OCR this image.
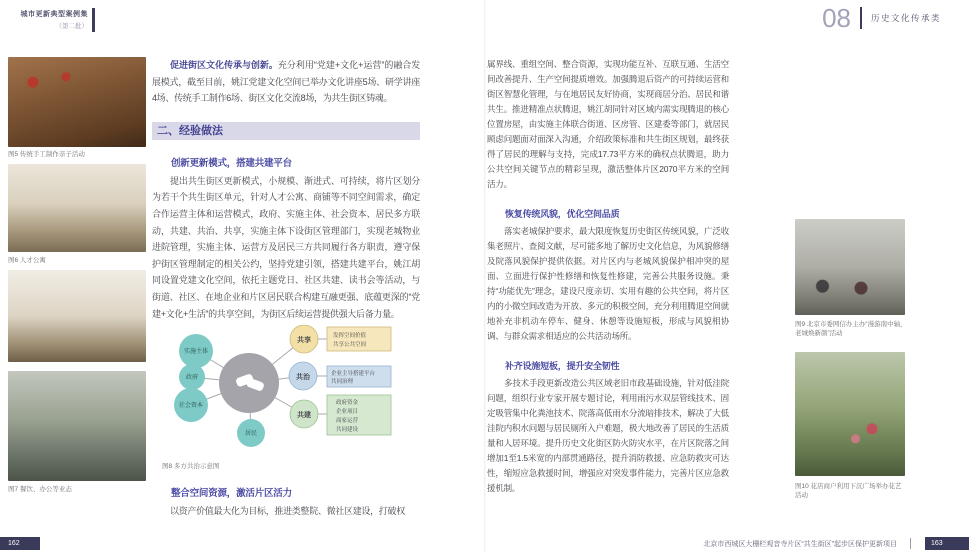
城市更新典型案例集
（第二批）	08 历史文化传承类
图5 传统手工制作亲子活动
图6 人才公寓
图7 餐饮、办公等业态

促进街区文化传承与创新。充分利用“党建+文化+运营”的融合发展模式，截至目前，姚江党建文化空间已举办文化讲座5场、研学讲座4场、传统手工制作6场、街区文化交流8场，为共生街区铸魂。

二、经验做法
创新更新模式，搭建共建平台

提出共生街区更新模式，小规模、渐进式、可持续，将片区划分为若干个共生街区单元，针对人才公寓、商铺等不同空间需求，确定合作运营主体和运营模式，政府、实施主体、社会资本、居民多方联动，共建、共治、共享，实施主体下设街区管理部门，实现老城物业进院管理，实施主体、运营方及居民三方共同履行各方职责，遵守保护街区管理制定的相关公约，坚持党建引领，搭建共建平台，姚江胡同设置党建文化空间，依托主题党日、社区共建、读书会等活动，与街道、社区、在地企业和片区居民联合构建互融更强、底蕴更深的“党建+文化+生活”的共享空间，为街区后续运营提供强大后备力量。

实施主体
政府
社会资本
居民
共享
共治
共建
发挥空间价值
共享公共空间
企业主导搭建平台
共同治理
政府资金
企业项目
商家运营
共同建设
图8 多方共治示意图
整合空间资源，激活片区活力

以资产价值最大化为目标，推进类整院、微社区建设，打破权

属界线、重组空间、整合资源，实现功能互补、互联互通、生活空间改善提升、生产空间提质增效。加强腾退后资产的可持续运营和街区智慧化管理，与在地居民友好协商，实现商居分治、居民和谐共生。推进精准点状腾退，姚江胡同针对区域内需实现腾退的核心位置房屋，由实施主体联合街道、区房管、区建委等部门，就居民顾虑问题面对面深入沟通，介绍政策标准和共生街区规划，最终获得了居民的理解与支持，完成17.73平方米的确权点状腾退，助力公共空间关键节点的精彩呈现，激活整体片区2070平方米的空间活力。

恢复传统风貌，优化空间品质

落实老城保护要求，最大限度恢复历史街区传统风貌，广泛收集老照片、查阅文献，尽可能多地了解历史文化信息，为风貌修缮及院落风貌保护提供依据。对片区内与老城风貌保护相冲突的屋面、立面进行保护性修缮和恢复性修建，完善公共服务设施。秉持“功能优先”理念，建设尺度亲切、实用有趣的公共空间，将片区内的小微空间改造为开放、多元的积极空间，充分利用腾退空间就地补充非机动车停车、健身、休憩等设施短板，形成与风貌相协调、与群众需求相适应的公共活动场所。

补齐设施短板，提升安全韧性

多技术手段更新改造公共区域老旧市政基础设施，针对低洼院问题，组织行业专家开展专题讨论，利用雨污水双层管线技术、固定吸管集中化粪池技术、院落高低雨水分流暗排技术，解决了大低洼院内积水问题与居民厕所入户难题，极大地改善了居民的生活质量和人居环境。提升历史文化街区防火防灾水平，在片区院落之间增加1至1.5米宽的内部贯通路径，提升消防救援、应急防救灾可达性，缩短应急救援时间，增强应对突发事件能力，完善片区应急救援机制。

图9 北京市委网信办主办“漫游南中轴，老城焕新颜”活动
图10 花店商户利用下沉广场举办花艺活动
162	北京市西城区大栅栏观音寺片区“共生街区”起步区保护更新项目	163
